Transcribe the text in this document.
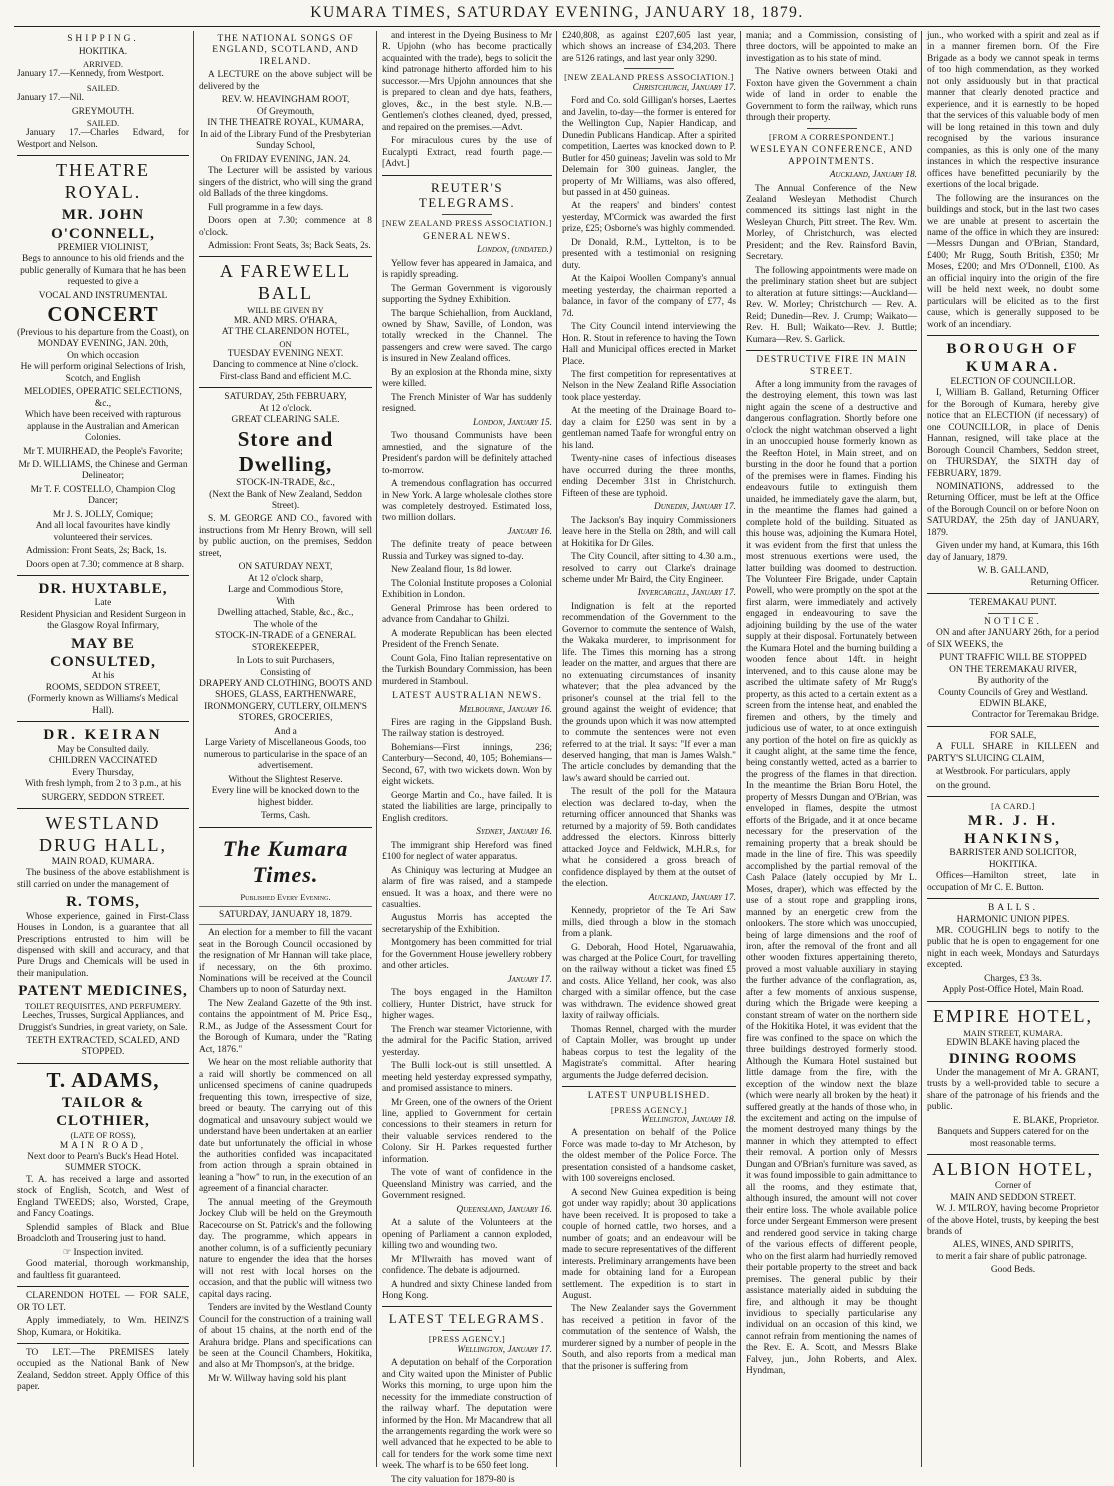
KUMARA TIMES, SATURDAY EVENING, JANUARY 18, 1879.
SHIPPING.
HOKITIKA.
ARRIVED.

January 17.—Kennedy, from Westport.

SAILED.

January 17.—Nil.

GREYMOUTH.
SAILED.

January 17.—Charles Edward, for Westport and Nelson.

THEATRE ROYAL.
MR. JOHN O'CONNELL,
PREMIER VIOLINIST,

Begs to announce to his old friends and the public generally of Kumara that he has been requested to give a

VOCAL AND INSTRUMENTAL
CONCERT
(Previous to his departure from the Coast), on
MONDAY EVENING, JAN. 20th,
On which occasion

He will perform original Selections of Irish, Scotch, and English

MELODIES, OPERATIC SELECTIONS, &c.,

Which have been received with rapturous applause in the Australian and American Colonies.

Mr T. MUIRHEAD, the People's Favorite;

Mr D. WILLIAMS, the Chinese and German Delineator;

Mr T. F. COSTELLO, Champion Clog Dancer;

Mr J. S. JOLLY, Comique;

And all local favourites have kindly volunteered their services.

Admission: Front Seats, 2s; Back, 1s.

Doors open at 7.30; commence at 8 sharp.

DR. HUXTABLE,
Late

Resident Physician and Resident Surgeon in the Glasgow Royal Infirmary,

MAY BE CONSULTED,
At his
ROOMS, SEDDON STREET,

(Formerly known as Williams's Medical Hall).

DR. KEIRAN
May be Consulted daily.
CHILDREN VACCINATED
Every Thursday,

With fresh lymph, from 2 to 3 p.m., at his

SURGERY, SEDDON STREET.
WESTLAND DRUG HALL,
MAIN ROAD, KUMARA.

The business of the above establishment is still carried on under the management of

R. TOMS,

Whose experience, gained in First-Class Houses in London, is a guarantee that all Prescriptions entrusted to him will be dispensed with skill and accuracy, and that Pure Drugs and Chemicals will be used in their manipulation.

PATENT MEDICINES,
TOILET REQUISITES, AND PERFUMERY.

Leeches, Trusses, Surgical Appliances, and Druggist's Sundries, in great variety, on Sale.

TEETH EXTRACTED, SCALED, AND STOPPED.
T. ADAMS,
TAILOR & CLOTHIER,
(LATE OF ROSS),
MAIN ROAD,
Next door to Pearn's Buck's Head Hotel.
SUMMER STOCK.

T. A. has received a large and assorted stock of English, Scotch, and West of England TWEEDS; also, Worsted, Crape, and Fancy Coatings.

Splendid samples of Black and Blue Broadcloth and Trousering just to hand.

☞ Inspection invited.

Good material, thorough workmanship, and faultless fit guaranteed.

CLARENDON HOTEL — FOR SALE, OR TO LET.

Apply immediately, to Wm. HEINZ'S Shop, Kumara, or Hokitika.

TO LET.—The PREMISES lately occupied as the National Bank of New Zealand, Seddon street. Apply Office of this paper.

THE NATIONAL SONGS OF ENGLAND, SCOTLAND, AND IRELAND.

A LECTURE on the above subject will be delivered by the

REV. W. HEAVINGHAM ROOT,
Of Greymouth,
IN THE THEATRE ROYAL, KUMARA,

In aid of the Library Fund of the Presbyterian Sunday School,

On FRIDAY EVENING, JAN. 24.

The Lecturer will be assisted by various singers of the district, who will sing the grand old Ballads of the three kingdoms.

Full programme in a few days.

Doors open at 7.30; commence at 8 o'clock.

Admission: Front Seats, 3s; Back Seats, 2s.

A FAREWELL BALL
WILL BE GIVEN BY
MR. AND MRS. O'HARA,
AT THE CLARENDON HOTEL,
ON
TUESDAY EVENING NEXT.
Dancing to commence at Nine o'clock.
First-class Band and efficient M.C.
SATURDAY, 25th FEBRUARY,
At 12 o'clock.
GREAT CLEARING SALE.
Store and Dwelling,
STOCK-IN-TRADE, &c.,

(Next the Bank of New Zealand, Seddon Street).

S. M. GEORGE AND CO., favored with instructions from Mr Henry Brown, will sell by public auction, on the premises, Seddon street,

ON SATURDAY NEXT,
At 12 o'clock sharp,
Large and Commodious Store,
With
Dwelling attached, Stable, &c., &c.,
The whole of the

STOCK-IN-TRADE of a GENERAL STOREKEEPER,

In Lots to suit Purchasers,
Consisting of

DRAPERY AND CLOTHING, BOOTS AND SHOES, GLASS, EARTHENWARE, IRONMONGERY, CUTLERY, OILMEN'S STORES, GROCERIES,

And a

Large Variety of Miscellaneous Goods, too numerous to particularise in the space of an advertisement.

Without the Slightest Reserve.

Every line will be knocked down to the highest bidder.

Terms, Cash.
The Kumara Times.
Published Every Evening.
SATURDAY, JANUARY 18, 1879.

An election for a member to fill the vacant seat in the Borough Council occasioned by the resignation of Mr Hannan will take place, if necessary, on the 6th proximo. Nominations will be received at the Council Chambers up to noon of Saturday next.

The New Zealand Gazette of the 9th inst. contains the appointment of M. Price Esq., R.M., as Judge of the Assessment Court for the Borough of Kumara, under the "Rating Act, 1876."

We hear on the most reliable authority that a raid will shortly be commenced on all unlicensed specimens of canine quadrupeds frequenting this town, irrespective of size, breed or beauty. The carrying out of this dogmatical and unsavoury subject would we understand have been undertaken at an earlier date but unfortunately the official in whose the authorities confided was incapacitated from action through a sprain obtained in leaning a "how" to run, in the execution of an agreement of a financial character.

The annual meeting of the Greymouth Jockey Club will be held on the Greymouth Racecourse on St. Patrick's and the following day. The programme, which appears in another column, is of a sufficiently pecuniary nature to engender the idea that the horses will not rest with local horses on the occasion, and that the public will witness two capital days racing.

Tenders are invited by the Westland County Council for the construction of a training wall of about 15 chains, at the north end of the Arahura bridge. Plans and specifications can be seen at the Council Chambers, Hokitika, and also at Mr Thompson's, at the bridge.

Mr W. Willway having sold his plant

and interest in the Dyeing Business to Mr R. Upjohn (who has become practically acquainted with the trade), begs to solicit the kind patronage hitherto afforded him to his successor.—Mrs Upjohn announces that she is prepared to clean and dye hats, feathers, gloves, &c., in the best style. N.B.—Gentlemen's clothes cleaned, dyed, pressed, and repaired on the premises.—Advt.

For miraculous cures by the use of Eucalypti Extract, read fourth page.—[Advt.]

REUTER'S TELEGRAMS.
[NEW ZEALAND PRESS ASSOCIATION.]
GENERAL NEWS.

London, (undated.)

Yellow fever has appeared in Jamaica, and is rapidly spreading.

The German Government is vigorously supporting the Sydney Exhibition.

The barque Schiehallion, from Auckland, owned by Shaw, Saville, of London, was totally wrecked in the Channel. The passengers and crew were saved. The cargo is insured in New Zealand offices.

By an explosion at the Rhonda mine, sixty were killed.

The French Minister of War has suddenly resigned.

London, January 15.

Two thousand Communists have been amnestied, and the signature of the President's pardon will be definitely attached to-morrow.

A tremendous conflagration has occurred in New York. A large wholesale clothes store was completely destroyed. Estimated loss, two million dollars.

January 16.

The definite treaty of peace between Russia and Turkey was signed to-day.

New Zealand flour, 1s 8d lower.

The Colonial Institute proposes a Colonial Exhibition in London.

General Primrose has been ordered to advance from Candahar to Ghilzi.

A moderate Republican has been elected President of the French Senate.

Count Gola, Fino Italian representative on the Turkish Boundary Commission, has been murdered in Stamboul.

LATEST AUSTRALIAN NEWS.

Melbourne, January 16.

Fires are raging in the Gippsland Bush. The railway station is destroyed.

Bohemians—First innings, 236; Canterbury—Second, 40, 105; Bohemians—Second, 67, with two wickets down. Won by eight wickets.

George Martin and Co., have failed. It is stated the liabilities are large, principally to English creditors.

Sydney, January 16.

The immigrant ship Hereford was fined £100 for neglect of water apparatus.

As Chiniquy was lecturing at Mudgee an alarm of fire was raised, and a stampede ensued. It was a hoax, and there were no casualties.

Augustus Morris has accepted the secretaryship of the Exhibition.

Montgomery has been committed for trial for the Government House jewellery robbery and other articles.

January 17.

The boys engaged in the Hamilton colliery, Hunter District, have struck for higher wages.

The French war steamer Victorienne, with the admiral for the Pacific Station, arrived yesterday.

The Bulli lock-out is still unsettled. A meeting held yesterday expressed sympathy, and promised assistance to miners.

Mr Green, one of the owners of the Orient line, applied to Government for certain concessions to their steamers in return for their valuable services rendered to the Colony. Sir H. Parkes requested further information.

The vote of want of confidence in the Queensland Ministry was carried, and the Government resigned.

Queensland, January 16.

At a salute of the Volunteers at the opening of Parliament a cannon exploded, killing two and wounding two.

Mr M'Ilwraith has moved want of confidence. The debate is adjourned.

A hundred and sixty Chinese landed from Hong Kong.

LATEST TELEGRAMS.
[PRESS AGENCY.]

Wellington, January 17.

A deputation on behalf of the Corporation and City waited upon the Minister of Public Works this morning, to urge upon him the necessity for the immediate construction of the railway wharf. The deputation were informed by the Hon. Mr Macandrew that all the arrangements regarding the work were so well advanced that he expected to be able to call for tenders for the work some time next week. The wharf is to be 650 feet long.

The city valuation for 1879-80 is

£240,808, as against £207,605 last year, which shows an increase of £34,203. There are 5126 ratings, and last year only 3290.

[NEW ZEALAND PRESS ASSOCIATION.]

Christchurch, January 17.

Ford and Co. sold Gilligan's horses, Laertes and Javelin, to-day—the former is entered for the Wellington Cup, Napier Handicap, and Dunedin Publicans Handicap. After a spirited competition, Laertes was knocked down to P. Butler for 450 guineas; Javelin was sold to Mr Delemain for 300 guineas. Jangler, the property of Mr Williams, was also offered, but passed in at 450 guineas.

At the reapers' and binders' contest yesterday, M'Cormick was awarded the first prize, £25; Osborne's was highly commended.

Dr Donald, R.M., Lyttelton, is to be presented with a testimonial on resigning duty.

At the Kaipoi Woollen Company's annual meeting yesterday, the chairman reported a balance, in favor of the company of £77, 4s 7d.

The City Council intend interviewing the Hon. R. Stout in reference to having the Town Hall and Municipal offices erected in Market Place.

The first competition for representatives at Nelson in the New Zealand Rifle Association took place yesterday.

At the meeting of the Drainage Board to-day a claim for £250 was sent in by a gentleman named Taafe for wrongful entry on his land.

Twenty-nine cases of infectious diseases have occurred during the three months, ending December 31st in Christchurch. Fifteen of these are typhoid.

Dunedin, January 17.

The Jackson's Bay inquiry Commissioners leave here in the Stella on 28th, and will call at Hokitika for Dr Giles.

The City Council, after sitting to 4.30 a.m., resolved to carry out Clarke's drainage scheme under Mr Baird, the City Engineer.

Invercargill, January 17.

Indignation is felt at the reported recommendation of the Government to the Governor to commute the sentence of Walsh, the Wakaka murderer, to imprisonment for life. The Times this morning has a strong leader on the matter, and argues that there are no extenuating circumstances of insanity whatever; that the plea advanced by the prisoner's counsel at the trial fell to the ground against the weight of evidence; that the grounds upon which it was now attempted to commute the sentences were not even referred to at the trial. It says: "If ever a man deserved hanging, that man is James Walsh." The article concludes by demanding that the law's award should be carried out.

The result of the poll for the Mataura election was declared to-day, when the returning officer announced that Shanks was returned by a majority of 59. Both candidates addressed the electors. Kinross bitterly attacked Joyce and Feldwick, M.H.R.s, for what he considered a gross breach of confidence displayed by them at the outset of the election.

Auckland, January 17.

Kennedy, proprietor of the Te Ari Saw mills, died through a blow in the stomach from a plank.

G. Deborah, Hood Hotel, Ngaruawahia, was charged at the Police Court, for travelling on the railway without a ticket was fined £5 and costs. Alice Yelland, her cook, was also charged with a similar offence, but the case was withdrawn. The evidence showed great laxity of railway officials.

Thomas Rennel, charged with the murder of Captain Moller, was brought up under habeas corpus to test the legality of the Magistrate's committal. After hearing arguments the Judge deferred decision.

LATEST UNPUBLISHED.
[PRESS AGENCY.]

Wellington, January 18.

A presentation on behalf of the Police Force was made to-day to Mr Atcheson, by the oldest member of the Police Force. The presentation consisted of a handsome casket, with 100 sovereigns enclosed.

A second New Guinea expedition is being got under way rapidly; about 30 applications have been received. It is proposed to take a couple of horned cattle, two horses, and a number of goats; and an endeavour will be made to secure representatives of the different interests. Preliminary arrangements have been made for obtaining land for a European settlement. The expedition is to start in August.

The New Zealander says the Government has received a petition in favor of the commutation of the sentence of Walsh, the murderer signed by a number of people in the South, and also reports from a medical man that the prisoner is suffering from

mania; and a Commission, consisting of three doctors, will be appointed to make an investigation as to his state of mind.

The Native owners between Otaki and Foxton have given the Government a chain wide of land in order to enable the Government to form the railway, which runs through their property.

[FROM A CORRESPONDENT.]
WESLEYAN CONFERENCE, AND APPOINTMENTS.

Auckland, January 18.

The Annual Conference of the New Zealand Wesleyan Methodist Church commenced its sittings last night in the Wesleyan Church, Pitt street. The Rev. Wm. Morley, of Christchurch, was elected President; and the Rev. Rainsford Bavin, Secretary.

The following appointments were made on the preliminary station sheet but are subject to alteration at future sittings:—Auckland—Rev. W. Morley; Christchurch — Rev. A. Reid; Dunedin—Rev. J. Crump; Waikato—Rev. H. Bull; Waikato—Rev. J. Buttle; Kumara—Rev. S. Garlick.

DESTRUCTIVE FIRE IN MAIN STREET.

After a long immunity from the ravages of the destroying element, this town was last night again the scene of a destructive and dangerous conflagration. Shortly before one o'clock the night watchman observed a light in an unoccupied house formerly known as the Reefton Hotel, in Main street, and on bursting in the door he found that a portion of the premises were in flames. Finding his endeavours futile to extinguish them unaided, he immediately gave the alarm, but, in the meantime the flames had gained a complete hold of the building. Situated as this house was, adjoining the Kumara Hotel, it was evident from the first that unless the most strenuous exertions were used, the latter building was doomed to destruction. The Volunteer Fire Brigade, under Captain Powell, who were promptly on the spot at the first alarm, were immediately and actively engaged in endeavouring to save the adjoining building by the use of the water supply at their disposal. Fortunately between the Kumara Hotel and the burning building a wooden fence about 14ft. in height intervened, and to this cause alone may be ascribed the ultimate safety of Mr Rugg's property, as this acted to a certain extent as a screen from the intense heat, and enabled the firemen and others, by the timely and judicious use of water, to at once extinguish any portion of the hotel on fire as quickly as it caught alight, at the same time the fence, being constantly wetted, acted as a barrier to the progress of the flames in that direction. In the meantime the Brian Boru Hotel, the property of Messrs Dungan and O'Brian, was enveloped in flames, despite the utmost efforts of the Brigade, and it at once became necessary for the preservation of the remaining property that a break should be made in the line of fire. This was speedily accomplished by the partial removal of the Cash Palace (lately occupied by Mr L. Moses, draper), which was effected by the use of a stout rope and grappling irons, manned by an energetic crew from the onlookers. The store which was unoccupied, being of large dimensions and the roof of iron, after the removal of the front and all other wooden fixtures appertaining thereto, proved a most valuable auxiliary in staying the further advance of the conflagration, as, after a few moments of anxious suspense, during which the Brigade were keeping a constant stream of water on the northern side of the Hokitika Hotel, it was evident that the fire was confined to the space on which the three buildings destroyed formerly stood. Although the Kumara Hotel sustained but little damage from the fire, with the exception of the window next the blaze (which were nearly all broken by the heat) it suffered greatly at the hands of those who, in the excitement and acting on the impulse of the moment destroyed many things by the manner in which they attempted to effect their removal. A portion only of Messrs Dungan and O'Brian's furniture was saved, as it was found impossible to gain admittance to all the rooms, and they estimate that, although insured, the amount will not cover their entire loss. The whole available police force under Sergeant Emmerson were present and rendered good service in taking charge of the various effects of different people, who on the first alarm had hurriedly removed their portable property to the street and back premises. The general public by their assistance materially aided in subduing the fire, and although it may be thought invidious to specially particularise any individual on an occasion of this kind, we cannot refrain from mentioning the names of the Rev. E. A. Scott, and Messrs Blake Falvey, jun., John Roberts, and Alex. Hyndman,

jun., who worked with a spirit and zeal as if in a manner firemen born. Of the Fire Brigade as a body we cannot speak in terms of too high commendation, as they worked not only assiduously but in that practical manner that clearly denoted practice and experience, and it is earnestly to be hoped that the services of this valuable body of men will be long retained in this town and duly recognised by the various insurance companies, as this is only one of the many instances in which the respective insurance offices have benefitted pecuniarily by the exertions of the local brigade.

The following are the insurances on the buildings and stock, but in the last two cases we are unable at present to ascertain the name of the office in which they are insured:—Messrs Dungan and O'Brian, Standard, £400; Mr Rugg, South British, £350; Mr Moses, £200; and Mrs O'Donnell, £100. As an official inquiry into the origin of the fire will be held next week, no doubt some particulars will be elicited as to the first cause, which is generally supposed to be work of an incendiary.

BOROUGH OF KUMARA.
ELECTION OF COUNCILLOR.

I, William B. Galland, Returning Officer for the Borough of Kumara, hereby give notice that an ELECTION (if necessary) of one COUNCILLOR, in place of Denis Hannan, resigned, will take place at the Borough Council Chambers, Seddon street, on THURSDAY, the SIXTH day of FEBRUARY, 1879.

NOMINATIONS, addressed to the Returning Officer, must be left at the Office of the Borough Council on or before Noon on SATURDAY, the 25th day of JANUARY, 1879.

Given under my hand, at Kumara, this 16th day of January, 1879.

W. B. GALLAND,
Returning Officer.
TEREMAKAU PUNT.
NOTICE.

ON and after JANUARY 26th, for a period of SIX WEEKS, the

PUNT TRAFFIC WILL BE STOPPED
ON THE TEREMAKAU RIVER,
By authority of the
County Councils of Grey and Westland.
EDWIN BLAKE,
Contractor for Teremakau Bridge.
FOR SALE,

A FULL SHARE in KILLEEN and PARTY'S SLUICING CLAIM,

at Westbrook. For particulars, apply

on the ground.

[A CARD.]
MR. J. H. HANKINS,
BARRISTER AND SOLICITOR,
HOKITIKA.

Offices—Hamilton street, late in occupation of Mr C. E. Button.

BALLS.
HARMONIC UNION PIPES.

MR. COUGHLIN begs to notify to the public that he is open to engagement for one night in each week, Mondays and Saturdays excepted.

Charges, £3 3s.
Apply Post-Office Hotel, Main Road.
EMPIRE HOTEL,
MAIN STREET, KUMARA.
EDWIN BLAKE having placed the
DINING ROOMS

Under the management of Mr A. GRANT, trusts by a well-provided table to secure a share of the patronage of his friends and the public.

E. BLAKE, Proprietor.

Banquets and Suppers catered for on the most reasonable terms.

ALBION HOTEL,
Corner of
MAIN AND SEDDON STREET.

W. J. M'ILROY, having become Proprietor of the above Hotel, trusts, by keeping the best brands of

ALES, WINES, AND SPIRITS,

to merit a fair share of public patronage.

Good Beds.
